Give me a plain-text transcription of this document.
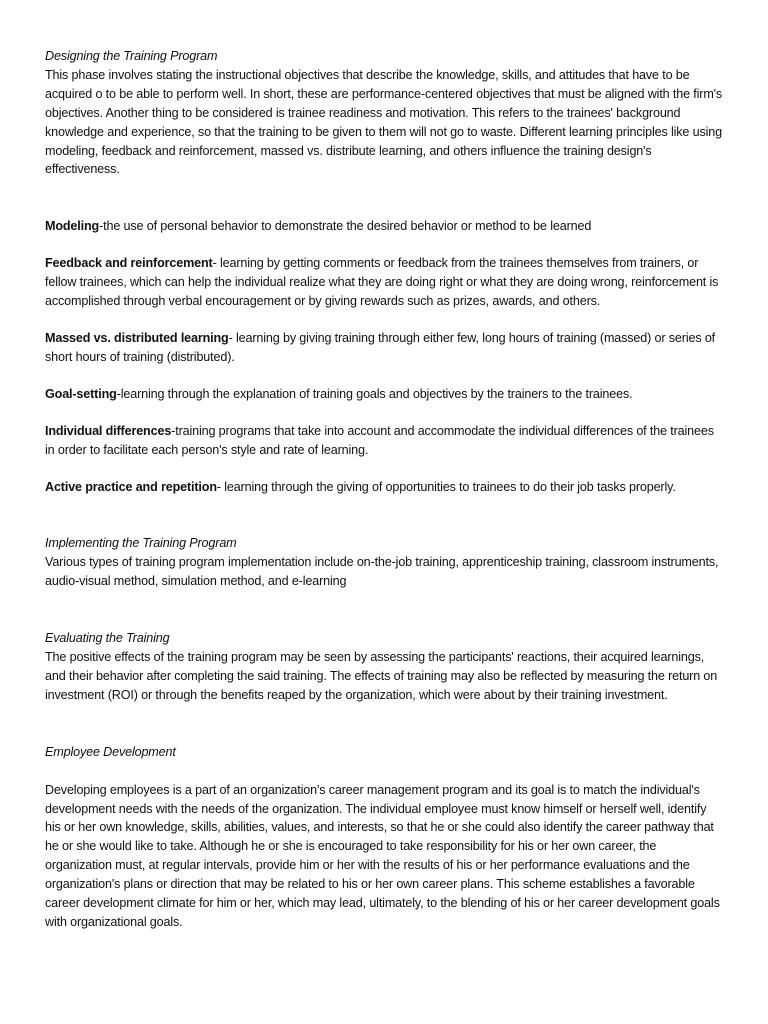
Designing the Training Program

This phase involves stating the instructional objectives that describe the knowledge, skills, and attitudes that have to be acquired o to be able to perform well. In short, these are performance-centered objectives that must be aligned with the firm's objectives. Another thing to be considered is trainee readiness and motivation. This refers to the trainees' background knowledge and experience, so that the training to be given to them will not go to waste. Different learning principles like using modeling, feedback and reinforcement, massed vs. distribute learning, and others influence the training design's effectiveness.

Modeling-the use of personal behavior to demonstrate the desired behavior or method to be learned

Feedback and reinforcement- learning by getting comments or feedback from the trainees themselves from trainers, or fellow trainees, which can help the individual realize what they are doing right or what they are doing wrong, reinforcement is accomplished through verbal encouragement or by giving rewards such as prizes, awards, and others.

Massed vs. distributed learning- learning by giving training through either few, long hours of training (massed) or series of short hours of training (distributed).

Goal-setting-learning through the explanation of training goals and objectives by the trainers to the trainees.

Individual differences-training programs that take into account and accommodate the individual differences of the trainees in order to facilitate each person's style and rate of learning.

Active practice and repetition- learning through the giving of opportunities to trainees to do their job tasks properly.

Implementing the Training Program

Various types of training program implementation include on-the-job training, apprenticeship training, classroom instruments, audio-visual method, simulation method, and e-learning

Evaluating the Training

The positive effects of the training program may be seen by assessing the participants' reactions, their acquired learnings, and their behavior after completing the said training. The effects of training may also be reflected by measuring the return on investment (ROI) or through the benefits reaped by the organization, which were about by their training investment.

Employee Development

Developing employees is a part of an organization's career management program and its goal is to match the individual's development needs with the needs of the organization. The individual employee must know himself or herself well, identify his or her own knowledge, skills, abilities, values, and interests, so that he or she could also identify the career pathway that he or she would like to take. Although he or she is encouraged to take responsibility for his or her own career, the organization must, at regular intervals, provide him or her with the results of his or her performance evaluations and the organization's plans or direction that may be related to his or her own career plans. This scheme establishes a favorable career development climate for him or her, which may lead, ultimately, to the blending of his or her career development goals with organizational goals.
